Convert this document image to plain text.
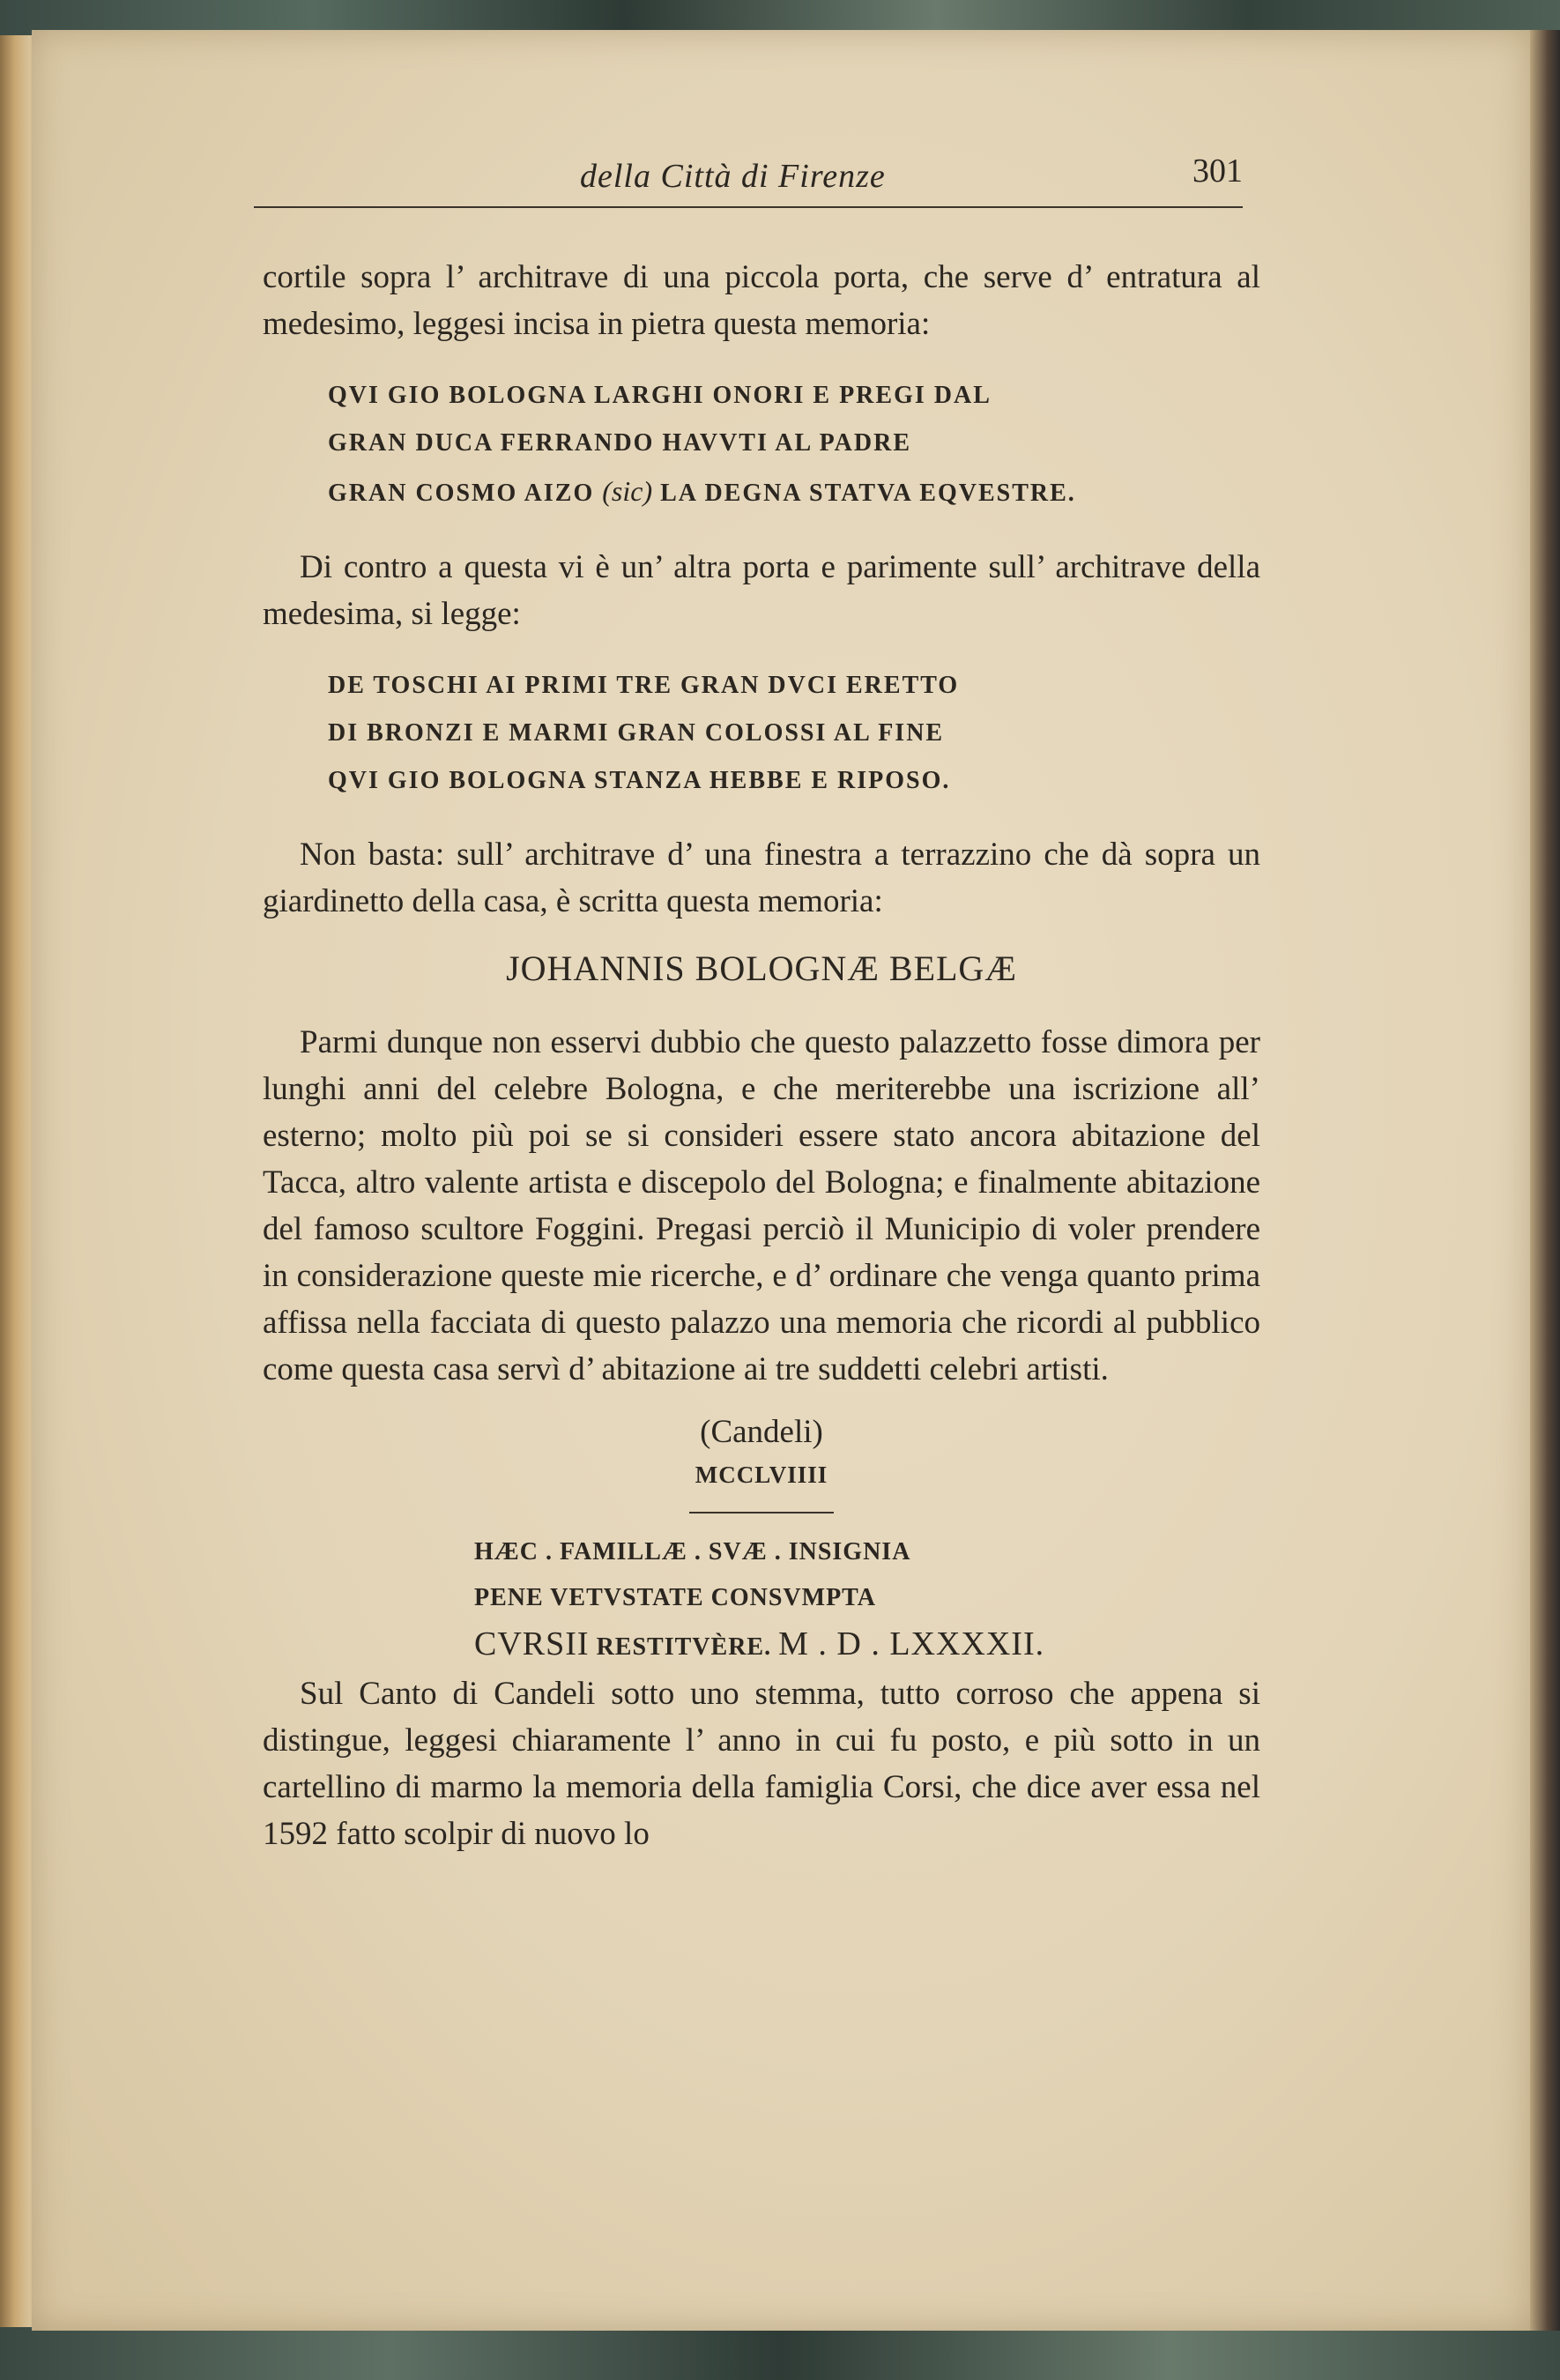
della Città di Firenze	301

cortile sopra l’ architrave di una piccola porta, che serve d’ entratura al medesimo, leggesi incisa in pietra questa memoria:

QVI GIO BOLOGNA LARGHI ONORI E PREGI DAL
GRAN DUCA FERRANDO HAVVTI AL PADRE
GRAN COSMO AIZO (sic) LA DEGNA STATVA EQVESTRE.

Di contro a questa vi è un’ altra porta e parimente sull’ architrave della medesima, si legge:

DE TOSCHI AI PRIMI TRE GRAN DVCI ERETTO
DI BRONZI E MARMI GRAN COLOSSI AL FINE
QVI GIO BOLOGNA STANZA HEBBE E RIPOSO.

Non basta: sull’ architrave d’ una finestra a terrazzino che dà sopra un giardinetto della casa, è scritta questa memoria:

JOHANNIS BOLOGNÆ BELGÆ

Parmi dunque non esservi dubbio che questo palazzetto fosse dimora per lunghi anni del celebre Bologna, e che meriterebbe una iscrizione all’ esterno; molto più poi se si consideri essere stato ancora abitazione del Tacca, altro valente artista e discepolo del Bologna; e finalmente abitazione del famoso scultore Foggini. Pregasi perciò il Municipio di voler prendere in considerazione queste mie ricerche, e d’ ordinare che venga quanto prima affissa nella facciata di questo palazzo una memoria che ricordi al pubblico come questa casa servì d’ abitazione ai tre suddetti celebri artisti.

(Candeli)
MCCLVIIII
HÆC . FAMILLÆ . SVÆ . INSIGNIA
PENE VETVSTATE CONSVMPTA
CVRSII RESTITVÈRE. M . D . LXXXXII.

Sul Canto di Candeli sotto uno stemma, tutto corroso che appena si distingue, leggesi chiaramente l’ anno in cui fu posto, e più sotto in un cartellino di marmo la memoria della famiglia Corsi, che dice aver essa nel 1592 fatto scolpir di nuovo lo
